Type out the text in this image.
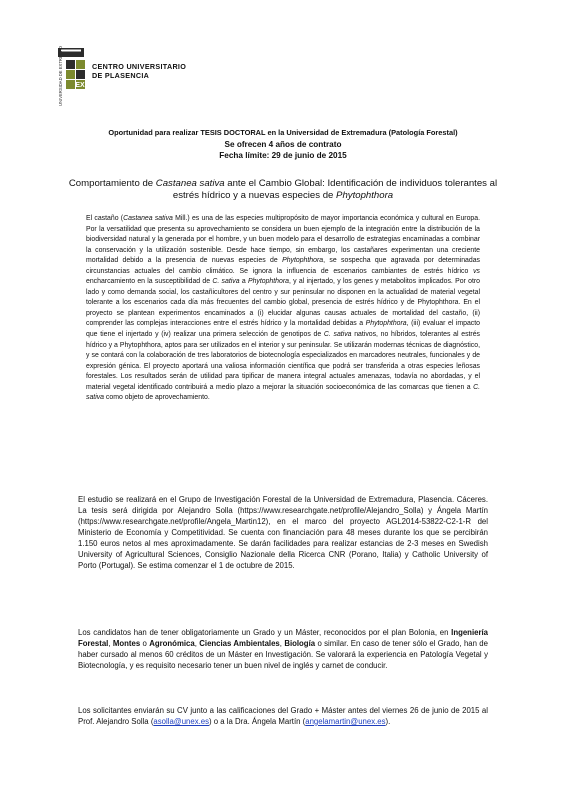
EX
UNIVERSIDAD DE EXTREMADURA	CENTRO UNIVERSITARIO
DE PLASENCIA
Oportunidad para realizar TESIS DOCTORAL en la Universidad de Extremadura (Patología Forestal)
Se ofrecen 4 años de contrato
Fecha límite: 29 de junio de 2015
Comportamiento de Castanea sativa ante el Cambio Global: Identificación de individuos tolerantes al estrés hídrico y a nuevas especies de Phytophthora
El castaño (Castanea sativa Mill.) es una de las especies multipropósito de mayor importancia económica y cultural en Europa. Por la versatilidad que presenta su aprovechamiento se considera un buen ejemplo de la integración entre la distribución de la biodiversidad natural y la generada por el hombre, y un buen modelo para el desarrollo de estrategias encaminadas a combinar la conservación y la utilización sostenible. Desde hace tiempo, sin embargo, los castañares experimentan una creciente mortalidad debido a la presencia de nuevas especies de Phytophthora, se sospecha que agravada por determinadas circunstancias actuales del cambio climático. Se ignora la influencia de escenarios cambiantes de estrés hídrico vs encharcamiento en la susceptibilidad de C. sativa a Phytophthora, y al injertado, y los genes y metabolitos implicados. Por otro lado y como demanda social, los castañicultores del centro y sur peninsular no disponen en la actualidad de material vegetal tolerante a los escenarios cada día más frecuentes del cambio global, presencia de estrés hídrico y de Phytophthora. En el proyecto se plantean experimentos encaminados a (i) elucidar algunas causas actuales de mortalidad del castaño, (ii) comprender las complejas interacciones entre el estrés hídrico y la mortalidad debidas a Phytophthora, (iii) evaluar el impacto que tiene el injertado y (iv) realizar una primera selección de genotipos de C. sativa nativos, no híbridos, tolerantes al estrés hídrico y a Phytophthora, aptos para ser utilizados en el interior y sur peninsular. Se utilizarán modernas técnicas de diagnóstico, y se contará con la colaboración de tres laboratorios de biotecnología especializados en marcadores neutrales, funcionales y de expresión génica. El proyecto aportará una valiosa información científica que podrá ser transferida a otras especies leñosas forestales. Los resultados serán de utilidad para tipificar de manera integral actuales amenazas, todavía no abordadas, y el material vegetal identificado contribuirá a medio plazo a mejorar la situación socioeconómica de las comarcas que tienen a C. sativa como objeto de aprovechamiento.
El estudio se realizará en el Grupo de Investigación Forestal de la Universidad de Extremadura, Plasencia. Cáceres. La tesis será dirigida por Alejandro Solla (https://www.researchgate.net/profile/Alejandro_Solla) y Ángela Martín (https://www.researchgate.net/profile/Angela_Martin12), en el marco del proyecto AGL2014-53822-C2-1-R del Ministerio de Economía y Competitividad. Se cuenta con financiación para 48 meses durante los que se percibirán 1.150 euros netos al mes aproximadamente. Se darán facilidades para realizar estancias de 2-3 meses en Swedish University of Agricultural Sciences, Consiglio Nazionale della Ricerca CNR (Porano, Italia) y Catholic University of Porto (Portugal). Se estima comenzar el 1 de octubre de 2015.
Los candidatos han de tener obligatoriamente un Grado y un Máster, reconocidos por el plan Bolonia, en Ingeniería Forestal, Montes o Agronómica, Ciencias Ambientales, Biología o similar. En caso de tener sólo el Grado, han de haber cursado al menos 60 créditos de un Máster en Investigación. Se valorará la experiencia en Patología Vegetal y Biotecnología, y es requisito necesario tener un buen nivel de inglés y carnet de conducir.
Los solicitantes enviarán su CV junto a las calificaciones del Grado + Máster antes del viernes 26 de junio de 2015 al Prof. Alejandro Solla (asolla@unex.es) o a la Dra. Ángela Martín (angelamartin@unex.es).
